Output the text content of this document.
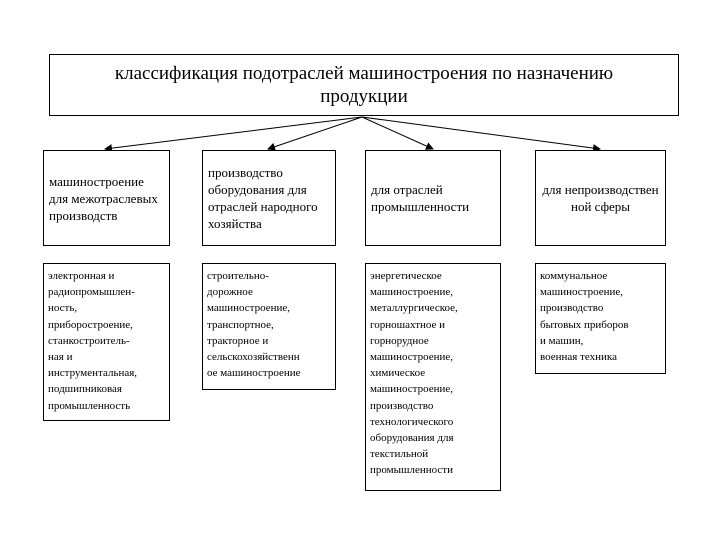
классификация подотраслей машиностроения по назначению продукции
машиностроение для межотраслевых производств
производство оборудования для отраслей народного хозяйства
для отраслей промышленности
для непроизводствен ной сферы
электронная и
радиопромышлен-
ность,
приборостроение,
станкостроитель-
ная и
инструментальная,
подшипниковая
промышленность
строительно-
дорожное
машиностроение,
транспортное,
тракторное и
сельскохозяйственн
ое машиностроение
энергетическое
машиностроение,
металлургическое,
горношахтное и
горнорудное
машиностроение,
химическое
машиностроение,
производство
технологического
оборудования для
текстильной
промышленности
коммунальное
машиностроение,
производство
бытовых приборов
и машин,
военная техника
